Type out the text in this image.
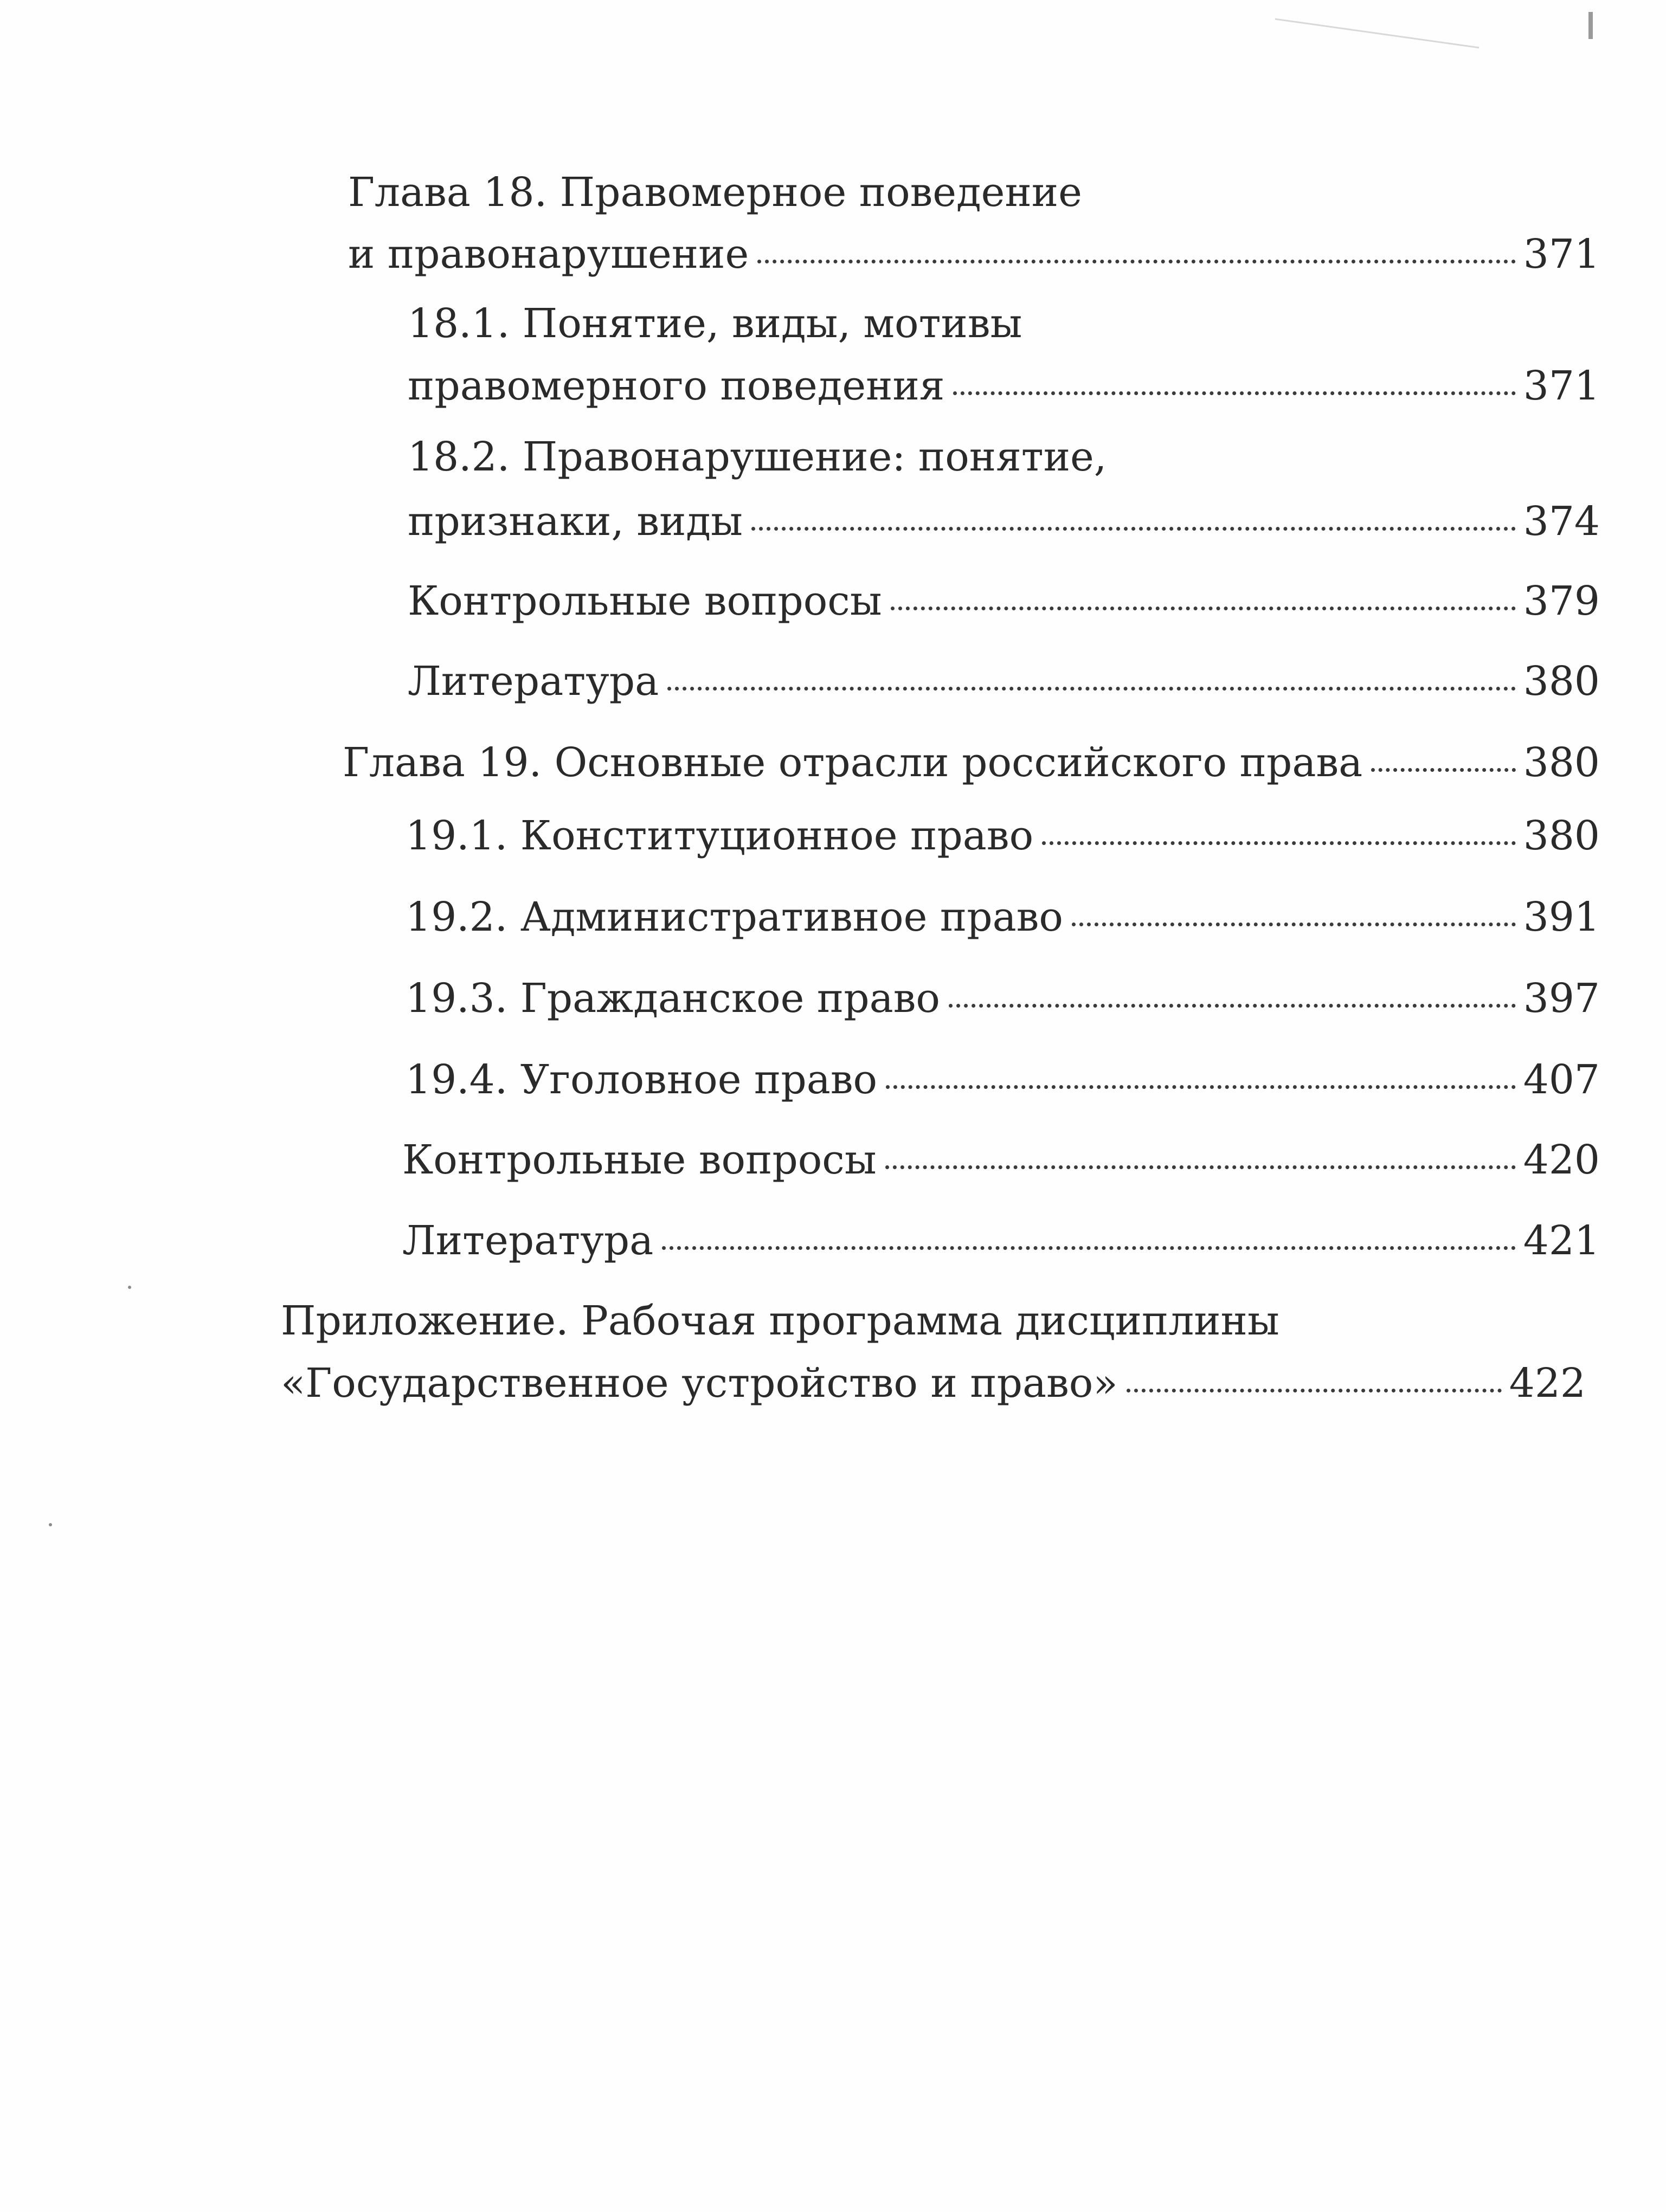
Глава 18. Правомерное поведение
и правонарушение	371
18.1. Понятие, виды, мотивы
правомерного поведения	371
18.2. Правонарушение: понятие,
признаки, виды	374
Контрольные вопросы	379
Литература	380
Глава 19. Основные отрасли российского права	380
19.1. Конституционное право	380
19.2. Административное право	391
19.3. Гражданское право	397
19.4. Уголовное право	407
Контрольные вопросы	420
Литература	421
Приложение. Рабочая программа дисциплины
«Государственное устройство и право»	422
